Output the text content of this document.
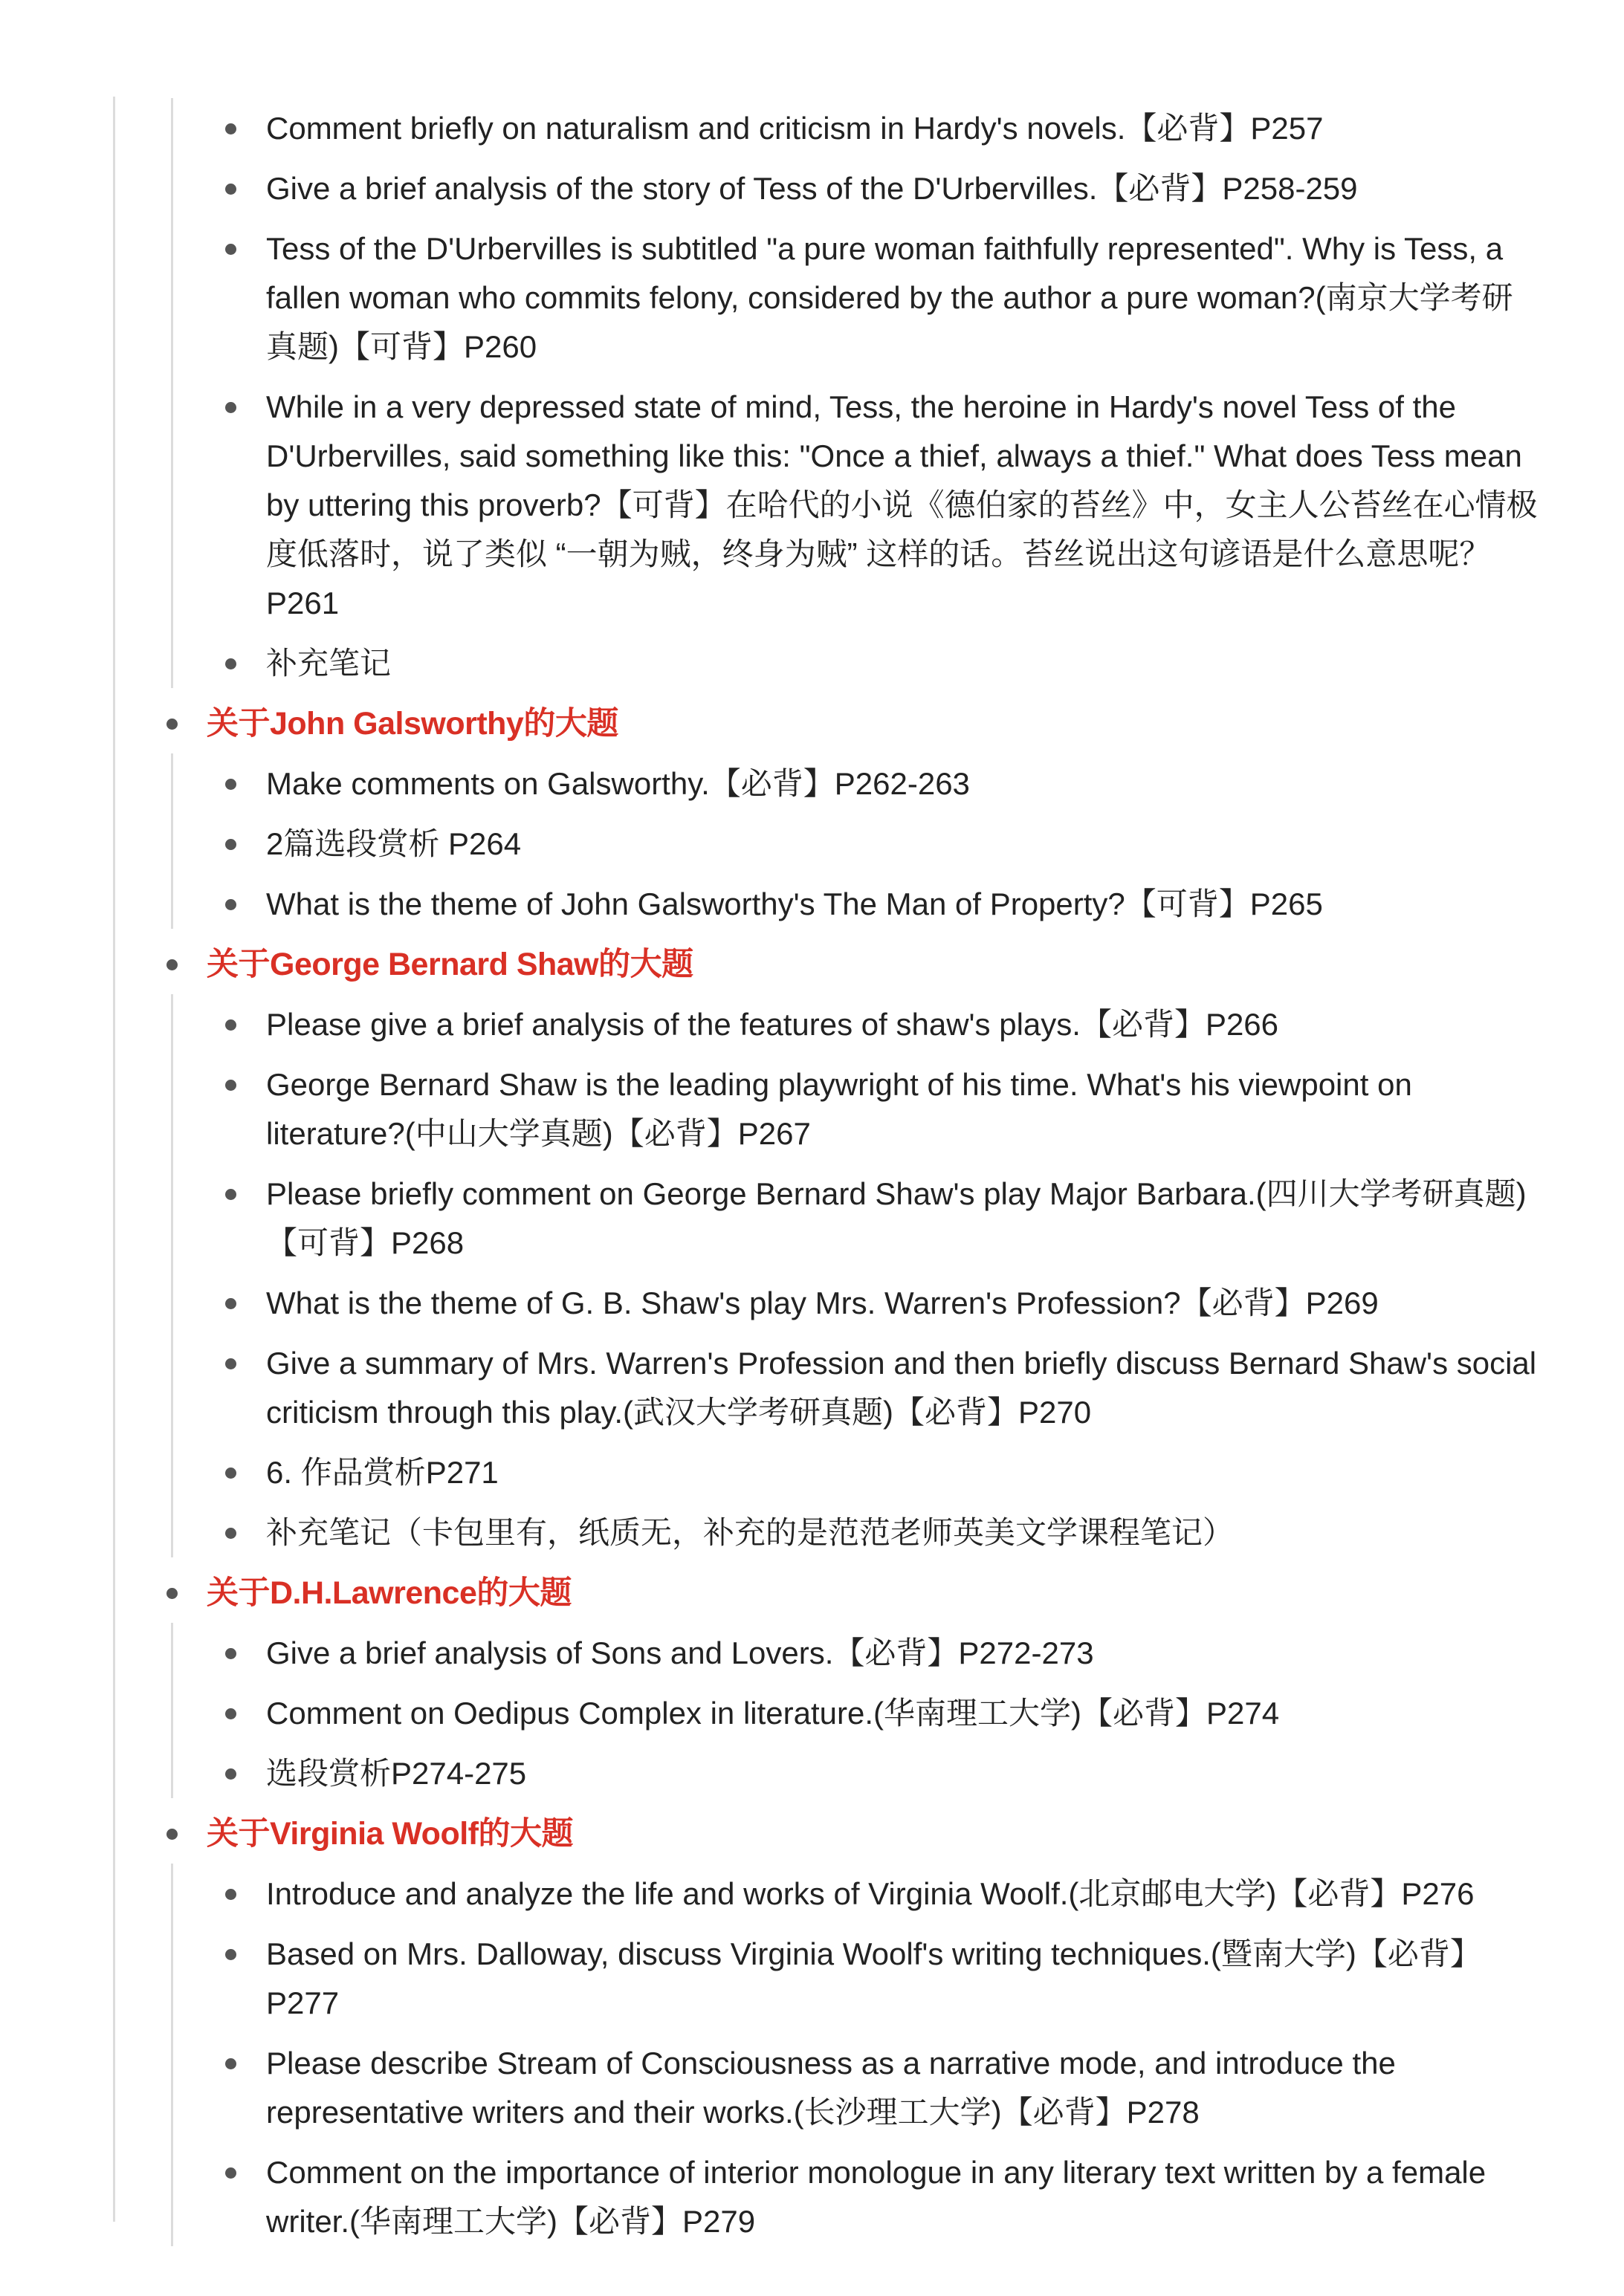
Comment briefly on naturalism and criticism in Hardy's novels.【必背】P257
Give a brief analysis of the story of Tess of the D'Urbervilles.【必背】P258-259
Tess of the D'Urbervilles is subtitled "a pure woman faithfully represented". Why is Tess, a fallen woman who commits felony, considered by the author a pure woman?(南京大学考研真题)【可背】P260
While in a very depressed state of mind, Tess, the heroine in Hardy's novel Tess of the D'Urbervilles, said something like this: "Once a thief, always a thief." What does Tess mean by uttering this proverb?【可背】在哈代的小说《德伯家的苔丝》中，女主人公苔丝在心情极度低落时，说了类似 “一朝为贼，终身为贼” 这样的话。苔丝说出这句谚语是什么意思呢？P261
补充笔记
关于John Galsworthy的大题
Make comments on Galsworthy.【必背】P262-263
2篇选段赏析 P264
What is the theme of John Galsworthy's The Man of Property?【可背】P265
关于George Bernard Shaw的大题
Please give a brief analysis of the features of shaw's plays.【必背】P266
George Bernard Shaw is the leading playwright of his time. What's his viewpoint on literature?(中山大学真题)【必背】P267
Please briefly comment on George Bernard Shaw's play Major Barbara.(四川大学考研真题)【可背】P268
What is the theme of G. B. Shaw's play Mrs. Warren's Profession?【必背】P269
Give a summary of Mrs. Warren's Profession and then briefly discuss Bernard Shaw's social criticism through this play.(武汉大学考研真题)【必背】P270
6. 作品赏析P271
补充笔记（卡包里有，纸质无，补充的是范范老师英美文学课程笔记）
关于D.H.Lawrence的大题
Give a brief analysis of Sons and Lovers.【必背】P272-273
Comment on Oedipus Complex in literature.(华南理工大学)【必背】P274
选段赏析P274-275
关于Virginia Woolf的大题
Introduce and analyze the life and works of Virginia Woolf.(北京邮电大学)【必背】P276
Based on Mrs. Dalloway, discuss Virginia Woolf's writing techniques.(暨南大学)【必背】P277
Please describe Stream of Consciousness as a narrative mode, and introduce the representative writers and their works.(长沙理工大学)【必背】P278
Comment on the importance of interior monologue in any literary text written by a female writer.(华南理工大学)【必背】P279
